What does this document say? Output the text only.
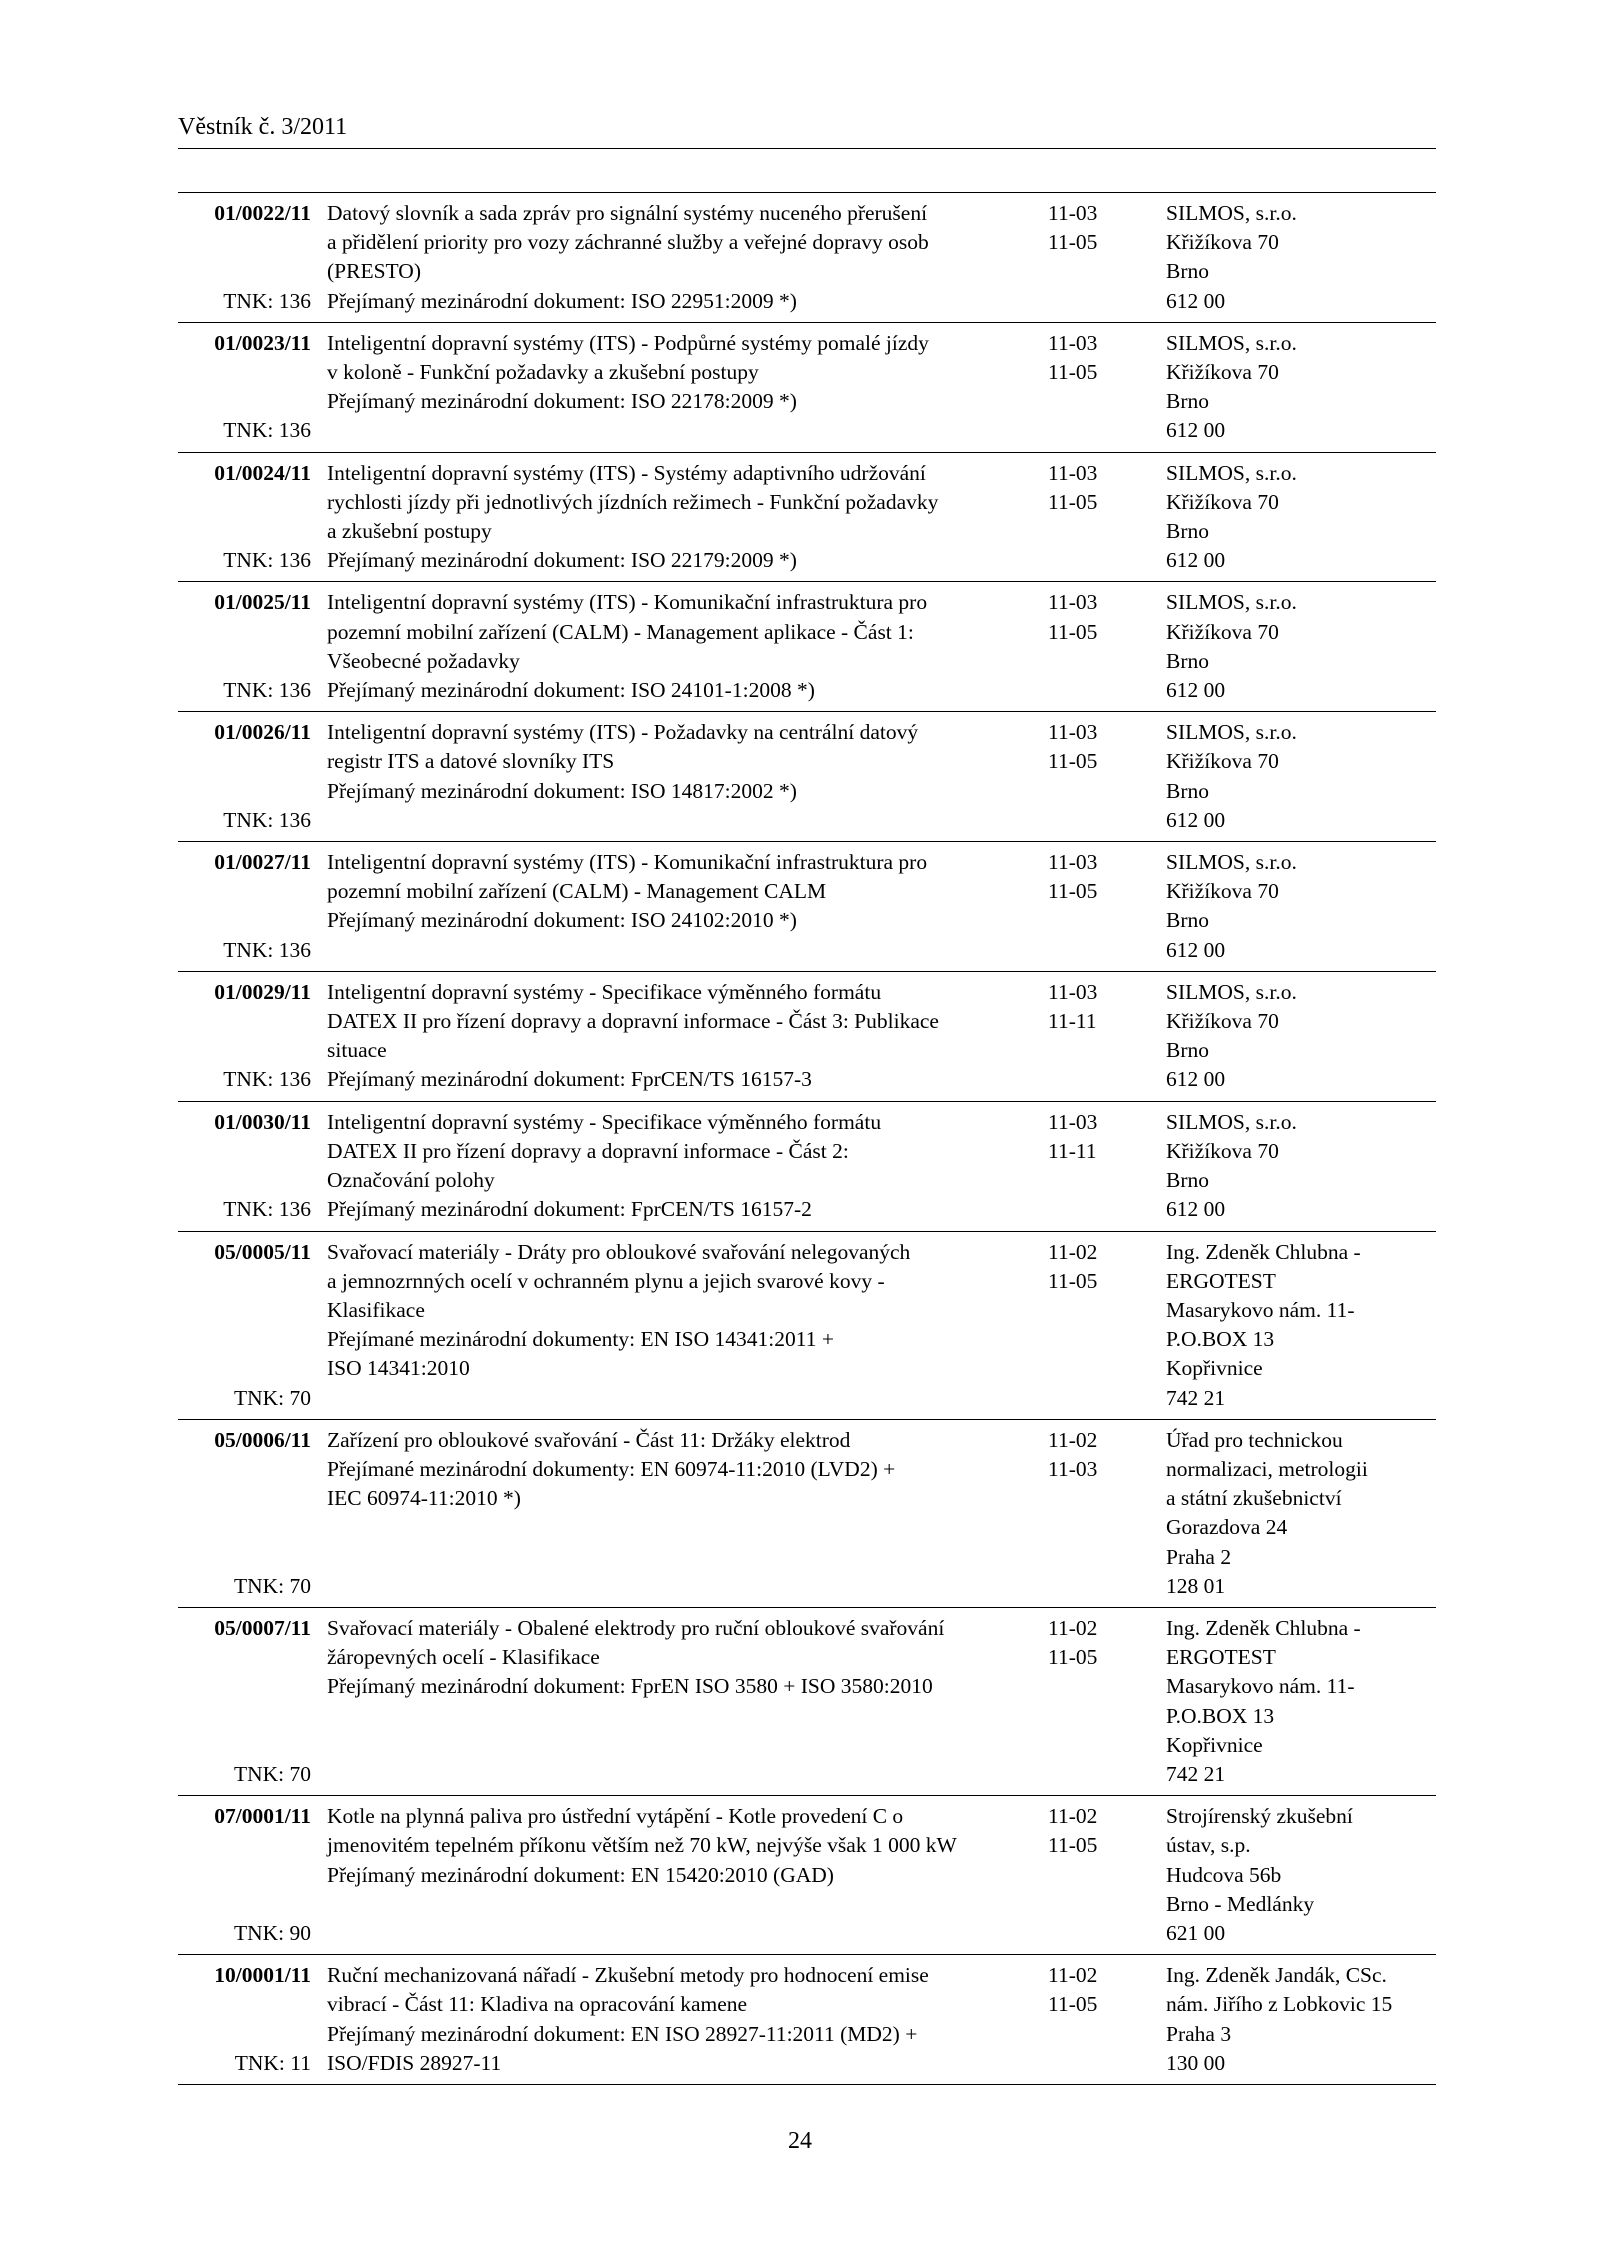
Věstník č. 3/2011
01/0022/11
TNK: 136
Datový slovník a sada zpráv pro signální systémy nuceného přerušení
a přidělení priority pro vozy záchranné služby a veřejné dopravy osob
(PRESTO)
Přejímaný mezinárodní dokument: ISO 22951:2009 *)
11-03
11-05
SILMOS, s.r.o.
Křižíkova 70
Brno
612 00
01/0023/11
TNK: 136
Inteligentní dopravní systémy (ITS) - Podpůrné systémy pomalé jízdy
v koloně - Funkční požadavky a zkušební postupy
Přejímaný mezinárodní dokument: ISO 22178:2009 *)
11-03
11-05
SILMOS, s.r.o.
Křižíkova 70
Brno
612 00
01/0024/11
TNK: 136
Inteligentní dopravní systémy (ITS) - Systémy adaptivního udržování
rychlosti jízdy při jednotlivých jízdních režimech - Funkční požadavky
a zkušební postupy
Přejímaný mezinárodní dokument: ISO 22179:2009 *)
11-03
11-05
SILMOS, s.r.o.
Křižíkova 70
Brno
612 00
01/0025/11
TNK: 136
Inteligentní dopravní systémy (ITS) - Komunikační infrastruktura pro
pozemní mobilní zařízení (CALM) - Management aplikace - Část 1:
Všeobecné požadavky
Přejímaný mezinárodní dokument: ISO 24101-1:2008 *)
11-03
11-05
SILMOS, s.r.o.
Křižíkova 70
Brno
612 00
01/0026/11
TNK: 136
Inteligentní dopravní systémy (ITS) - Požadavky na centrální datový
registr ITS a datové slovníky ITS
Přejímaný mezinárodní dokument: ISO 14817:2002 *)
11-03
11-05
SILMOS, s.r.o.
Křižíkova 70
Brno
612 00
01/0027/11
TNK: 136
Inteligentní dopravní systémy (ITS) - Komunikační infrastruktura pro
pozemní mobilní zařízení (CALM) - Management CALM
Přejímaný mezinárodní dokument: ISO 24102:2010 *)
11-03
11-05
SILMOS, s.r.o.
Křižíkova 70
Brno
612 00
01/0029/11
TNK: 136
Inteligentní dopravní systémy - Specifikace výměnného formátu
DATEX II pro řízení dopravy a dopravní informace - Část 3: Publikace
situace
Přejímaný mezinárodní dokument: FprCEN/TS 16157-3
11-03
11-11
SILMOS, s.r.o.
Křižíkova 70
Brno
612 00
01/0030/11
TNK: 136
Inteligentní dopravní systémy - Specifikace výměnného formátu
DATEX II pro řízení dopravy a dopravní informace - Část 2:
Označování polohy
Přejímaný mezinárodní dokument: FprCEN/TS 16157-2
11-03
11-11
SILMOS, s.r.o.
Křižíkova 70
Brno
612 00
05/0005/11
TNK: 70
Svařovací materiály - Dráty pro obloukové svařování nelegovaných
a jemnozrnných ocelí v ochranném plynu a jejich svarové kovy -
Klasifikace
Přejímané mezinárodní dokumenty: EN ISO 14341:2011 +
ISO 14341:2010
11-02
11-05
Ing. Zdeněk Chlubna -
ERGOTEST
Masarykovo nám. 11-
P.O.BOX 13
Kopřivnice
742 21
05/0006/11
TNK: 70
Zařízení pro obloukové svařování - Část 11: Držáky elektrod
Přejímané mezinárodní dokumenty: EN 60974-11:2010 (LVD2) +
IEC 60974-11:2010 *)
11-02
11-03
Úřad pro technickou
normalizaci, metrologii
a státní zkušebnictví
Gorazdova 24
Praha 2
128 01
05/0007/11
TNK: 70
Svařovací materiály - Obalené elektrody pro ruční obloukové svařování
žáropevných ocelí - Klasifikace
Přejímaný mezinárodní dokument: FprEN ISO 3580 + ISO 3580:2010
11-02
11-05
Ing. Zdeněk Chlubna -
ERGOTEST
Masarykovo nám. 11-
P.O.BOX 13
Kopřivnice
742 21
07/0001/11
TNK: 90
Kotle na plynná paliva pro ústřední vytápění - Kotle provedení C o
jmenovitém tepelném příkonu větším než 70 kW, nejvýše však 1 000 kW
Přejímaný mezinárodní dokument: EN 15420:2010 (GAD)
11-02
11-05
Strojírenský zkušební
ústav, s.p.
Hudcova 56b
Brno - Medlánky
621 00
10/0001/11
TNK: 11
Ruční mechanizovaná nářadí - Zkušební metody pro hodnocení emise
vibrací - Část 11: Kladiva na opracování kamene
Přejímaný mezinárodní dokument: EN ISO 28927-11:2011 (MD2) +
ISO/FDIS 28927-11
11-02
11-05
Ing. Zdeněk Jandák, CSc.
nám. Jiřího z Lobkovic 15
Praha 3
130 00
24
